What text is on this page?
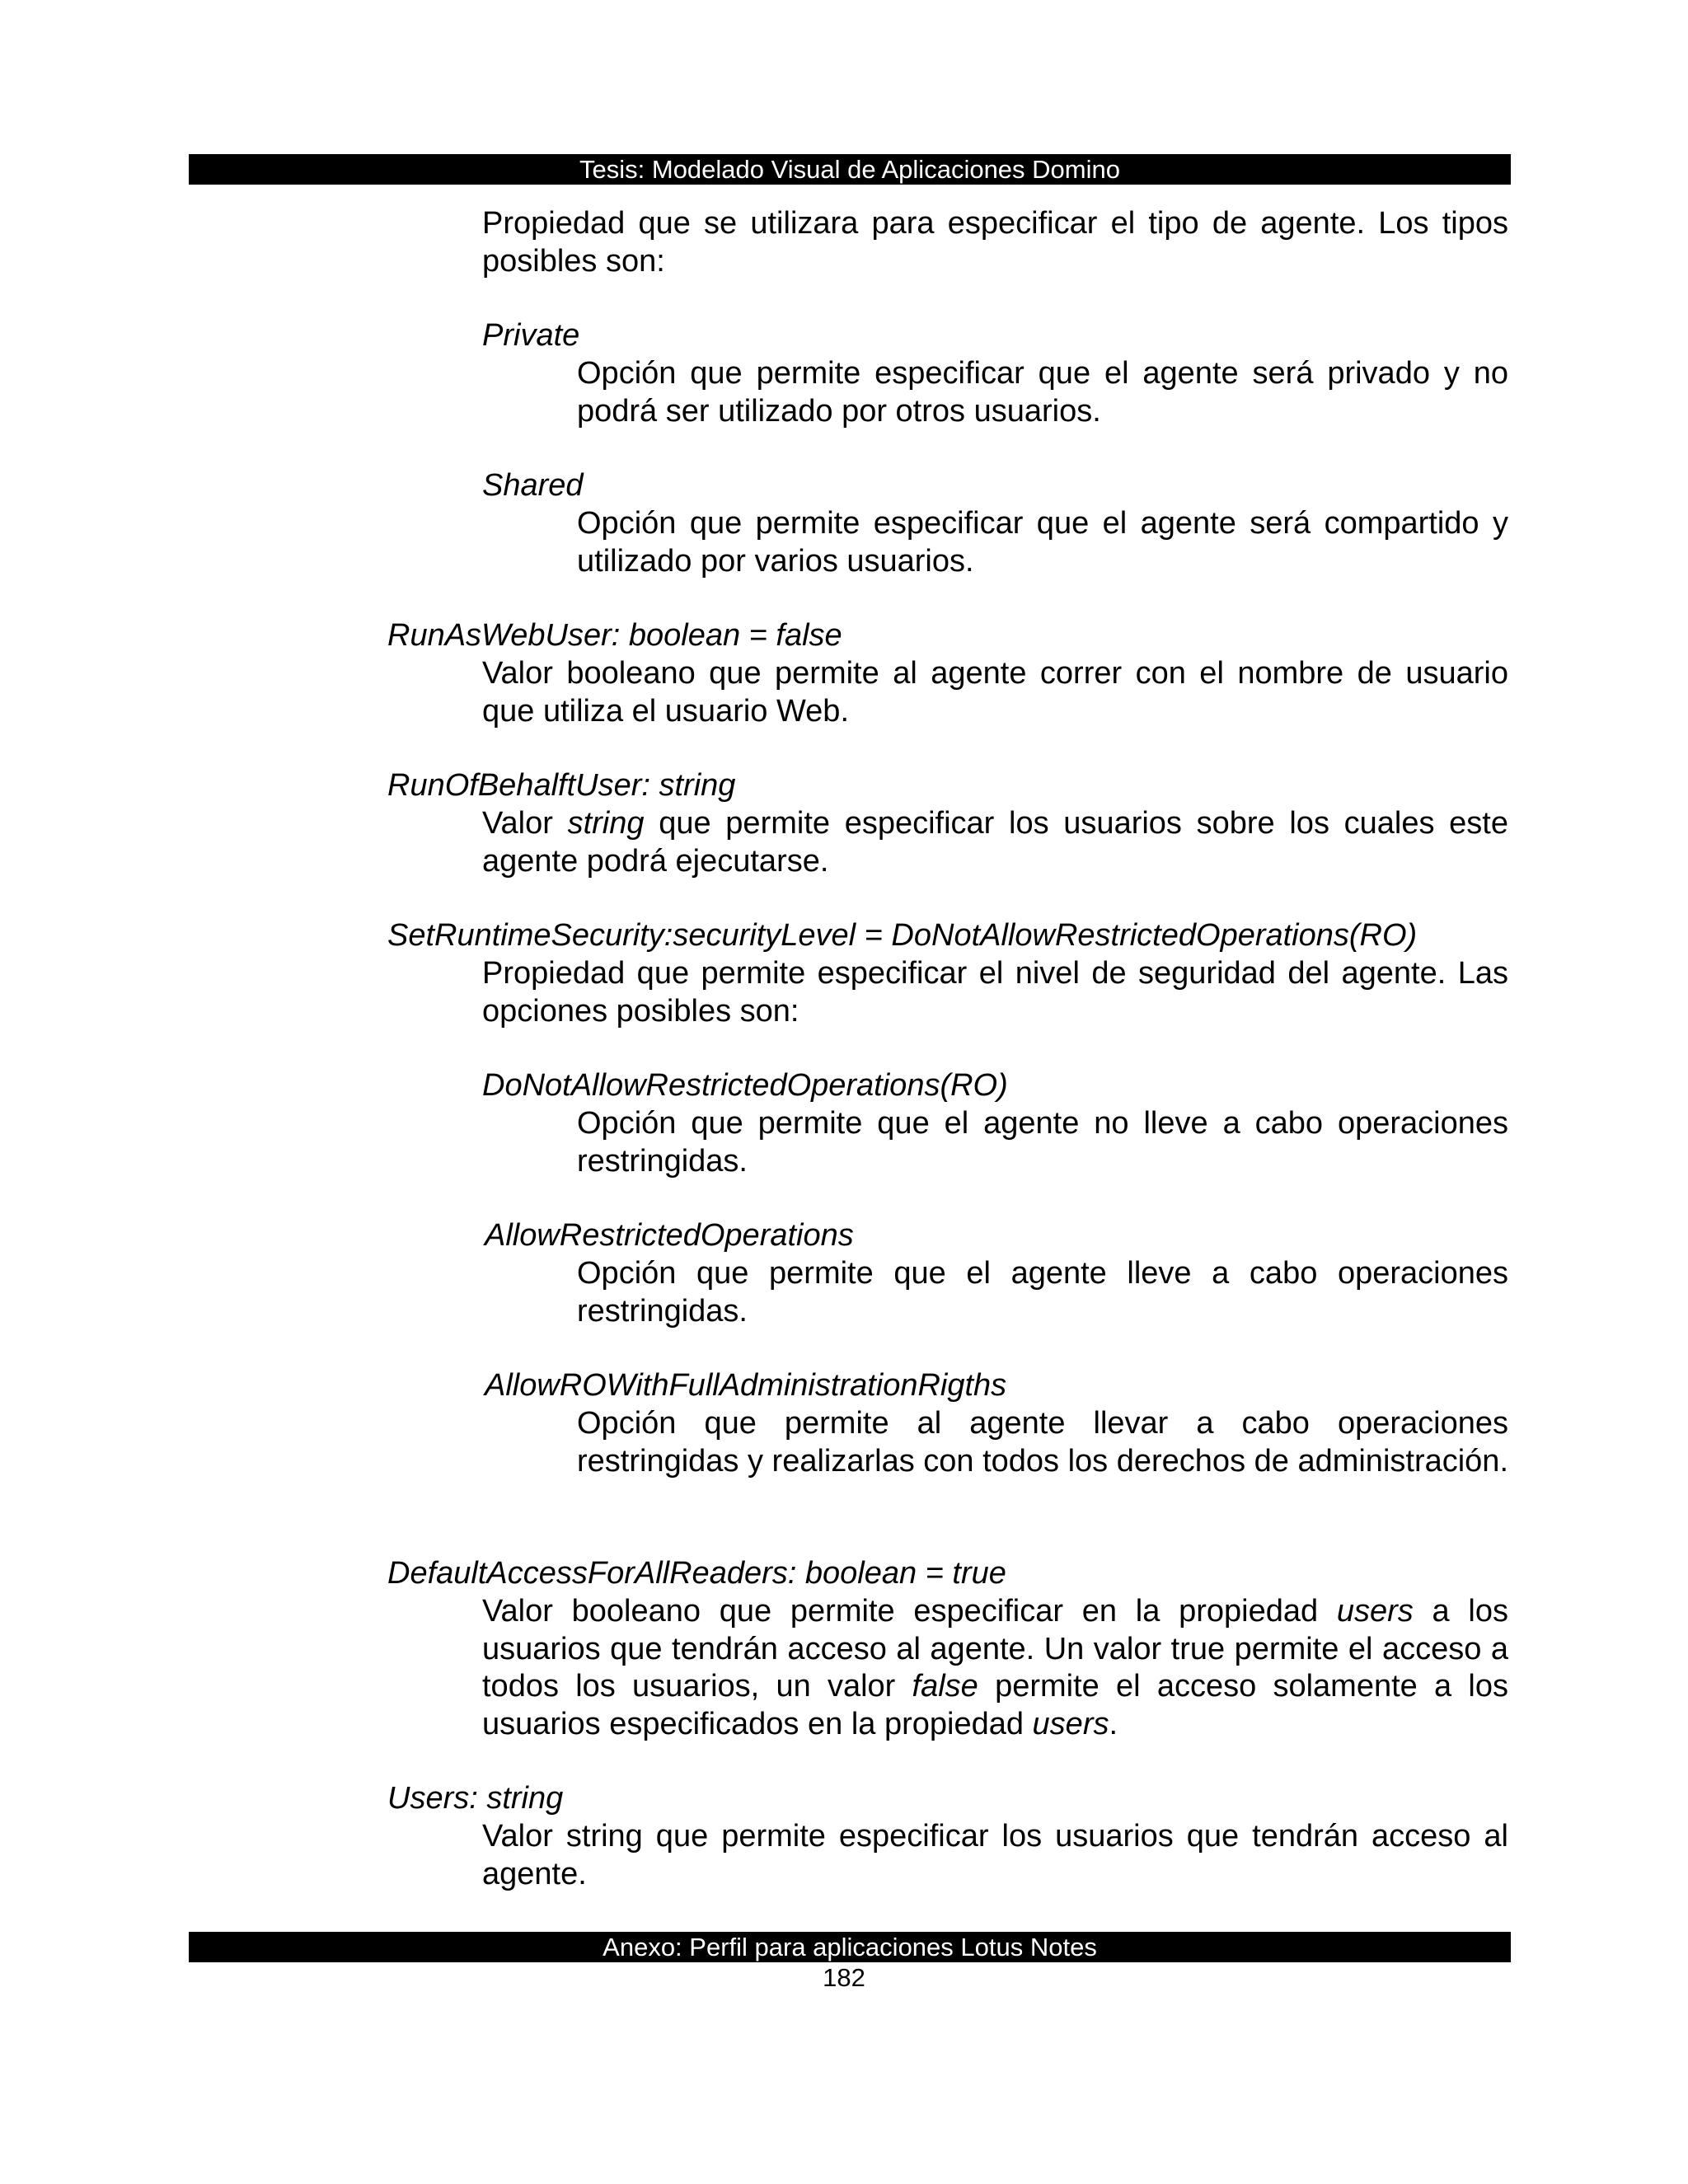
Tesis: Modelado Visual de Aplicaciones Domino
Propiedad que se utilizara para especificar el tipo de agente. Los tipos posibles son:
Private
Opción que permite especificar que el agente será privado y no podrá ser utilizado por otros usuarios.
Shared
Opción que permite especificar que el agente será compartido y utilizado por varios usuarios.
RunAsWebUser: boolean = false
Valor booleano que permite al agente correr con el nombre de usuario que utiliza el usuario Web.
RunOfBehalftUser: string
Valor string que permite especificar los usuarios sobre los cuales este agente podrá ejecutarse.
SetRuntimeSecurity:securityLevel = DoNotAllowRestrictedOperations(RO)
Propiedad que permite especificar el nivel de seguridad del agente. Las opciones posibles son:
DoNotAllowRestrictedOperations(RO)
Opción que permite que el agente no lleve a cabo operaciones restringidas.
AllowRestrictedOperations
Opción que permite que el agente lleve a cabo operaciones restringidas.
AllowROWithFullAdministrationRigths
Opción que permite al agente llevar a cabo operaciones restringidas y realizarlas con todos los derechos de administración.
DefaultAccessForAllReaders: boolean = true
Valor booleano que permite especificar en la propiedad users a los usuarios que tendrán acceso al agente. Un valor true permite el acceso a todos los usuarios, un valor false permite el acceso solamente a los usuarios especificados en la propiedad users.
Users: string
Valor string que permite especificar los usuarios que tendrán acceso al agente.
Anexo: Perfil para aplicaciones Lotus Notes
182
